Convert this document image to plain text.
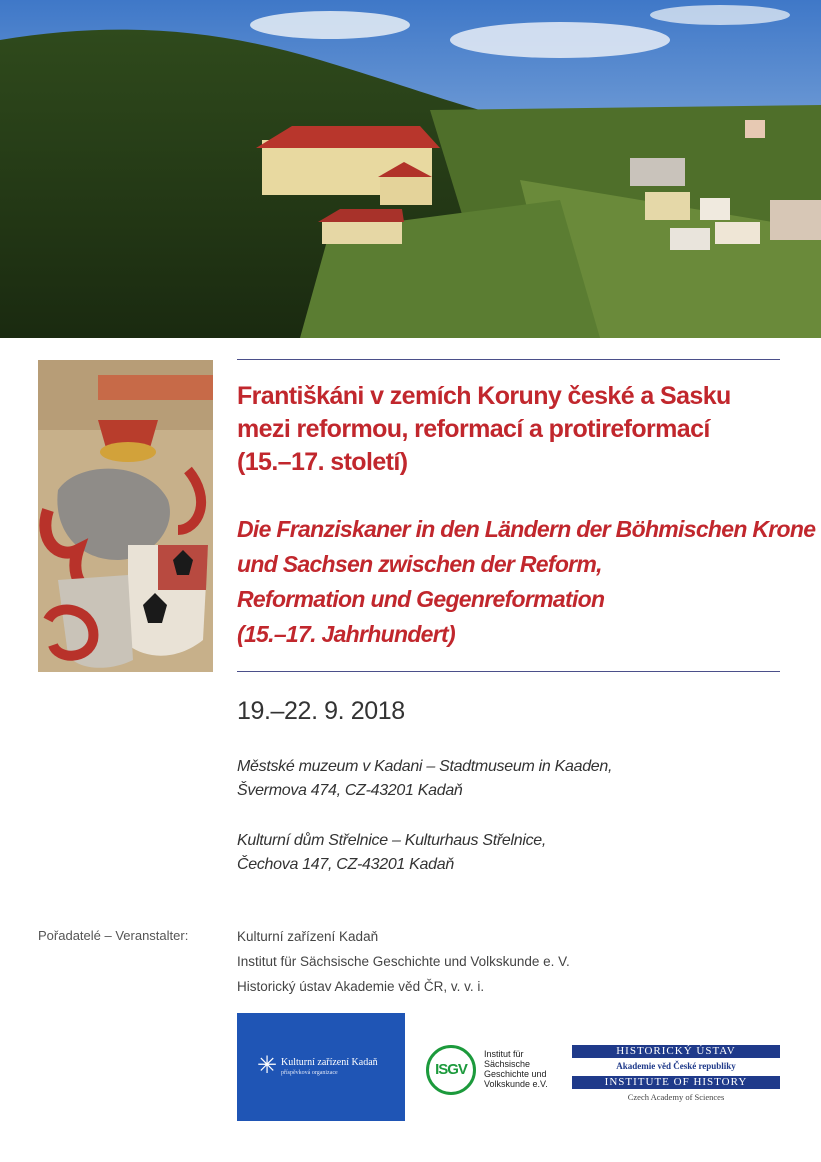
Františkáni v zemích Koruny české a Sasku
mezi reformou, reformací a protireformací
(15.–17. století)
Die Franziskaner in den Ländern der Böhmischen Krone
und Sachsen zwischen der Reform,
Reformation und Gegenreformation
(15.–17. Jahrhundert)
19.–22. 9. 2018
Městské muzeum v Kadani – Stadtmuseum in Kaaden,
Švermova 474, CZ-43201 Kadaň
Kulturní dům Střelnice – Kulturhaus Střelnice,
Čechova 147, CZ-43201 Kadaň
Pořadatelé – Veranstalter:	Kulturní zařízení Kadaň
Institut für Sächsische Geschichte und Volkskunde e. V.
Historický ústav Akademie věd ČR, v. v. i.
✳ Kulturní zařízení Kadaň
příspěvková organizace	ISGV
Institut für
Sächsische
Geschichte und
Volkskunde e.V.
HISTORICKÝ ÚSTAV
Akademie věd České republiky
INSTITUTE OF HISTORY
Czech Academy of Sciences
